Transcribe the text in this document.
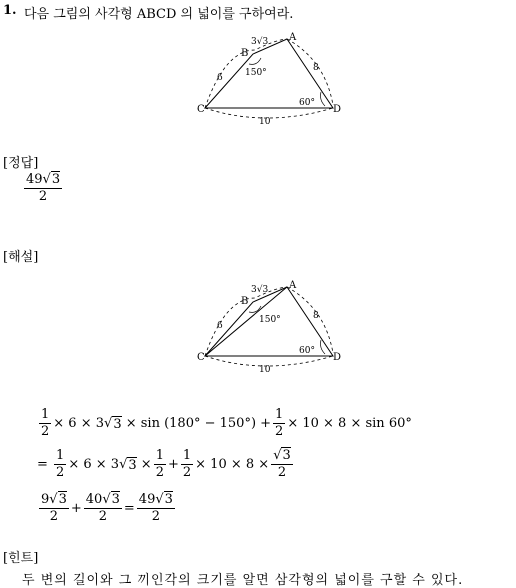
1. 다음 그림의 사각형 ABCD 의 넓이를 구하여라.
A
B
C	D
3√3
6
8
10
150°
60°
[정답]
$\frac{49√3}{2}$
[해설]
A
B
C	D
3√3
6
8
10
150°
60°
$\frac{1}{2} \times 6 \times 3$ √ 3
× $\sin (180^\circ - 150^\circ) + \frac{1}{2} \times 10 \times 8 \times \sin 60^\circ$
=
$\frac{1}{2} \times 6 \times 3$ √ 3
× $\frac{1}{2} + \frac{1}{2} \times 10 \times 8 \times \frac{√3}{2}$
$\frac{9√3}{2} + \frac{40√3}{2} = \frac{49√3}{2}$
[힌트]
두 변의 길이와 그 끼인각의 크기를 알면 삼각형의 넓이를 구할 수 있다.
